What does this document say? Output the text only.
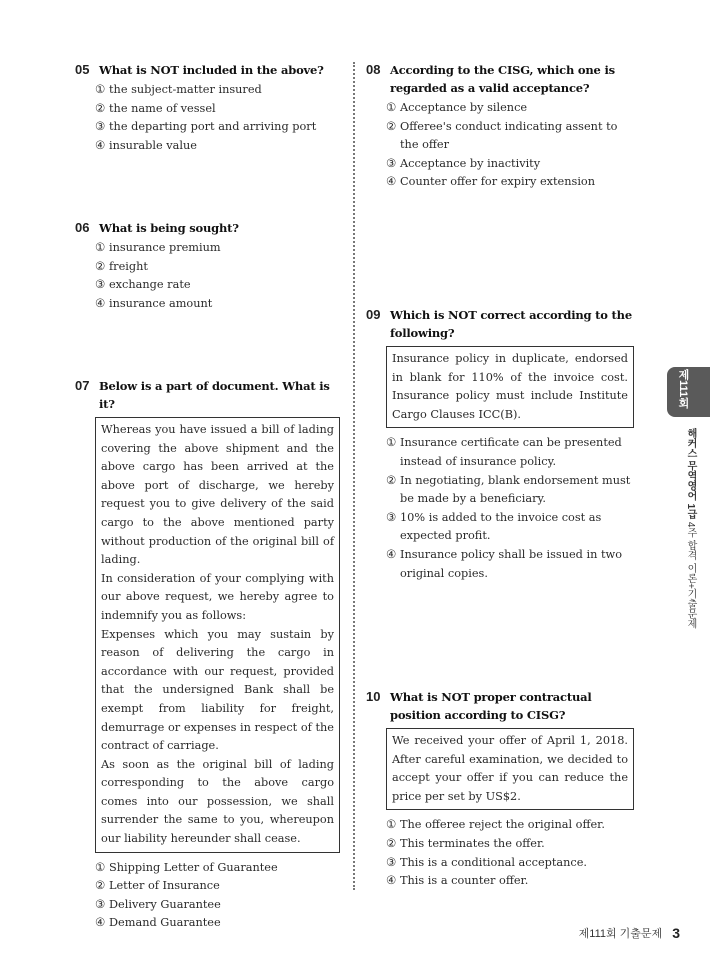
05 What is NOT included in the above?
① the subject-matter insured
② the name of vessel
③ the departing port and arriving port
④ insurable value
06 What is being sought?
① insurance premium
② freight
③ exchange rate
④ insurance amount
07 Below is a part of document. What is it?

Whereas you have issued a bill of lading covering the above shipment and the above cargo has been arrived at the above port of discharge, we hereby request you to give delivery of the said cargo to the above mentioned party without production of the original bill of lading.

In consideration of your complying with our above request, we hereby agree to indemnify you as follows:

Expenses which you may sustain by reason of delivering the cargo in accordance with our request, provided that the undersigned Bank shall be exempt from liability for freight, demurrage or expenses in respect of the contract of carriage.

As soon as the original bill of lading corresponding to the above cargo comes into our possession, we shall surrender the same to you, whereupon our liability hereunder shall cease.

① Shipping Letter of Guarantee
② Letter of Insurance
③ Delivery Guarantee
④ Demand Guarantee
08 According to the CISG, which one is regarded as a valid acceptance?
① Acceptance by silence
② Offeree's conduct indicating assent to the offer
③ Acceptance by inactivity
④ Counter offer for expiry extension
09 Which is NOT correct according to the following?

Insurance policy in duplicate, endorsed in blank for 110% of the invoice cost. Insurance policy must include Institute Cargo Clauses ICC(B).

① Insurance certificate can be presented instead of insurance policy.
② In negotiating, blank endorsement must be made by a beneficiary.
③ 10% is added to the invoice cost as expected profit.
④ Insurance policy shall be issued in two original copies.
10 What is NOT proper contractual position according to CISG?

We received your offer of April 1, 2018. After careful examination, we decided to accept your offer if you can reduce the price per set by US$2.

① The offeree reject the original offer.
② This terminates the offer.
③ This is a conditional acceptance.
④ This is a counter offer.
제111회
해커스 무역영어 1급 4주 합격 이론+기출문제
제111회 기출문제 3
